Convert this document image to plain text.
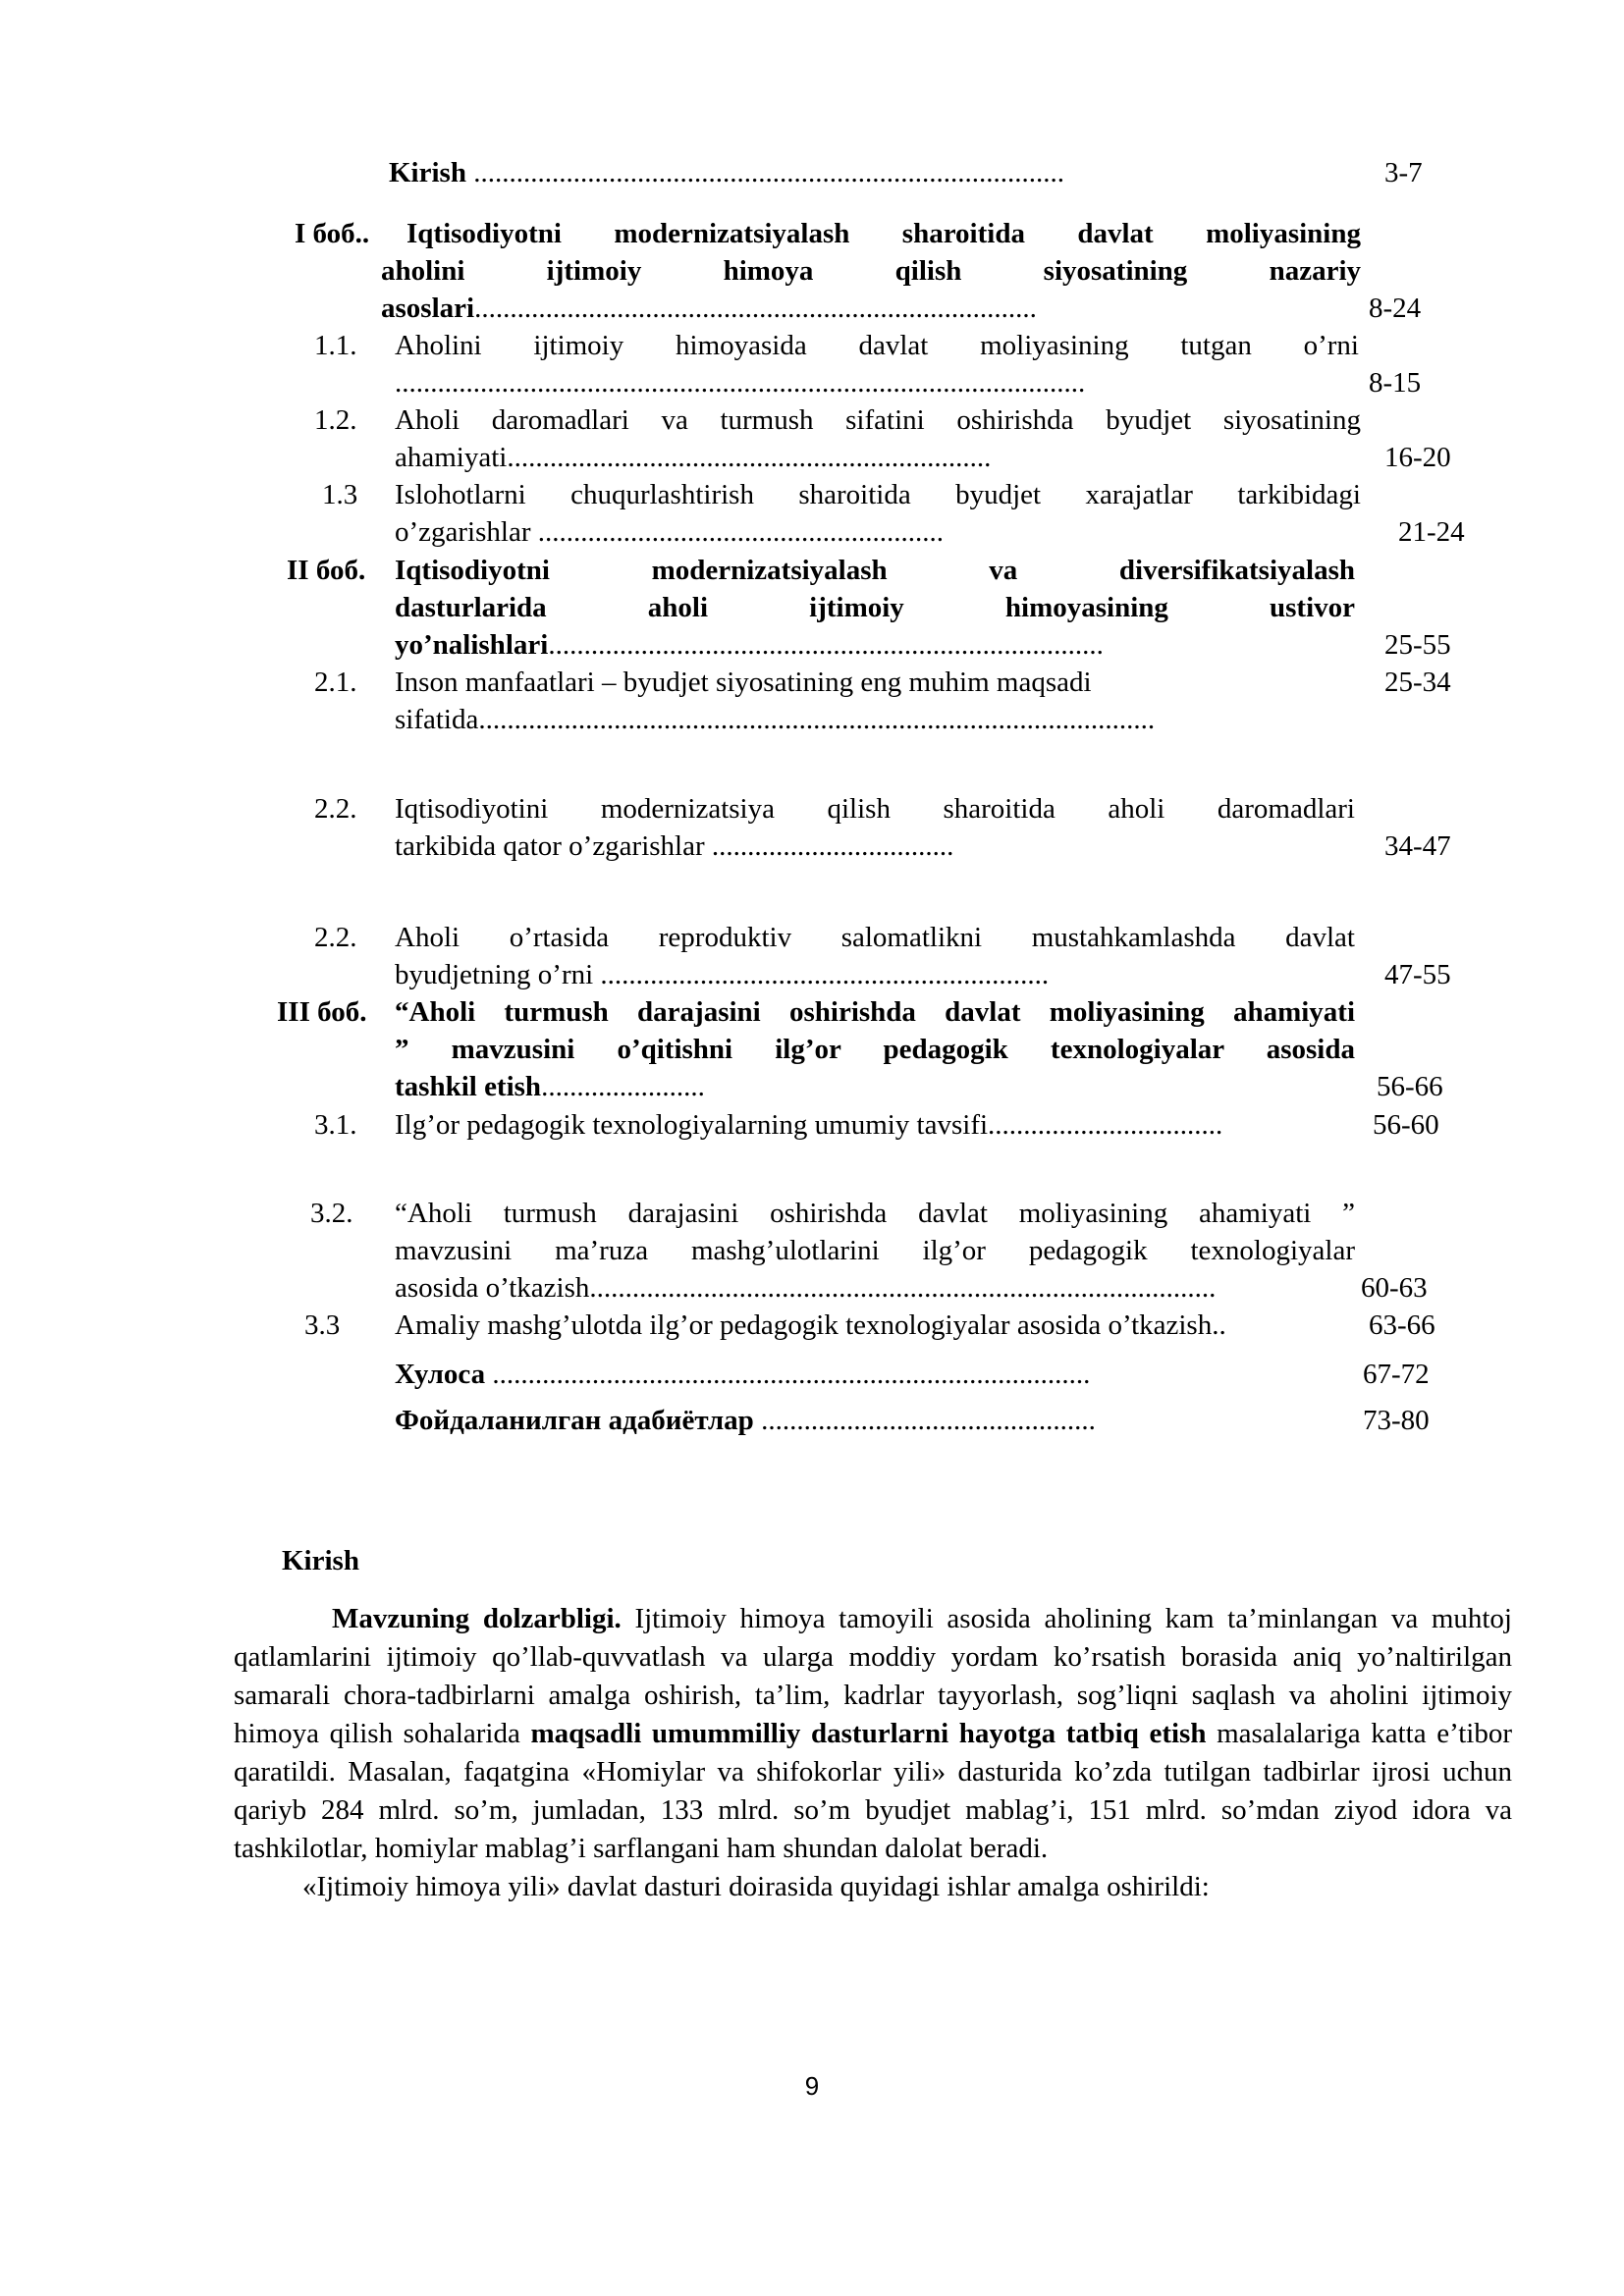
Kirish ...................................................................................	3-7
I боб.. Iqtisodiyotni modernizatsiyalash sharoitida davlat moliyasining
aholini ijtimoiy himoya qilish siyosatining nazariy
asoslari...............................................................................	8-24
1.1. Aholini ijtimoiy himoyasida davlat moliyasining tutgan o’rni
.................................................................................................	8-15
1.2. Aholi daromadlari va turmush sifatini oshirishda byudjet siyosatining
ahamiyati....................................................................	16-20
1.3 Islohotlarni chuqurlashtirish sharoitida byudjet xarajatlar tarkibidagi
o’zgarishlar .........................................................	21-24
II боб. Iqtisodiyotni modernizatsiyalash va diversifikatsiyalash
dasturlarida aholi ijtimoiy himoyasining ustivor
yo’nalishlari..............................................................................	25-55
2.1. Inson manfaatlari – byudjet siyosatining eng muhim maqsadi	25-34
sifatida...............................................................................................
2.2. Iqtisodiyotini modernizatsiya qilish sharoitida aholi daromadlari
tarkibida qator o’zgarishlar ..................................	34-47
2.2. Aholi o’rtasida reproduktiv salomatlikni mustahkamlashda davlat
byudjetning o’rni ...............................................................	47-55
III боб. “Aholi turmush darajasini oshirishda davlat moliyasining ahamiyati
” mavzusini o’qitishni ilg’or pedagogik texnologiyalar asosida
tashkil etish.......................	56-66
3.1. Ilg’or pedagogik texnologiyalarning umumiy tavsifi.................................	56-60
3.2. “Aholi turmush darajasini oshirishda davlat moliyasining ahamiyati ”
mavzusini ma’ruza mashg’ulotlarini ilg’or pedagogik texnologiyalar
asosida o’tkazish........................................................................................	60-63
3.3 Amaliy mashg’ulotda ilg’or pedagogik texnologiyalar asosida o’tkazish..	63-66
Хулоса ....................................................................................	67-72
Фойдаланилган адабиётлар ...............................................	73-80
Kirish

Mavzuning dolzarbligi. Ijtimoiy himoya tamoyili asosida aholining kam ta’minlangan va muhtoj qatlamlarini ijtimoiy qo’llab-quvvatlash va ularga moddiy yordam ko’rsatish borasida aniq yo’naltirilgan samarali chora-tadbirlarni amalga oshirish, ta’lim, kadrlar tayyorlash, sog’liqni saqlash va aholini ijtimoiy himoya qilish sohalarida maqsadli umummilliy dasturlarni hayotga tatbiq etish masalalariga katta e’tibor qaratildi. Masalan, faqatgina «Homiylar va shifokorlar yili» dasturida ko’zda tutilgan tadbirlar ijrosi uchun qariyb 284 mlrd. so’m, jumladan, 133 mlrd. so’m byudjet mablag’i, 151 mlrd. so’mdan ziyod idora va tashkilotlar, homiylar mablag’i sarflangani ham shundan dalolat beradi.

«Ijtimoiy himoya yili» davlat dasturi doirasida quyidagi ishlar amalga oshirildi:

9
